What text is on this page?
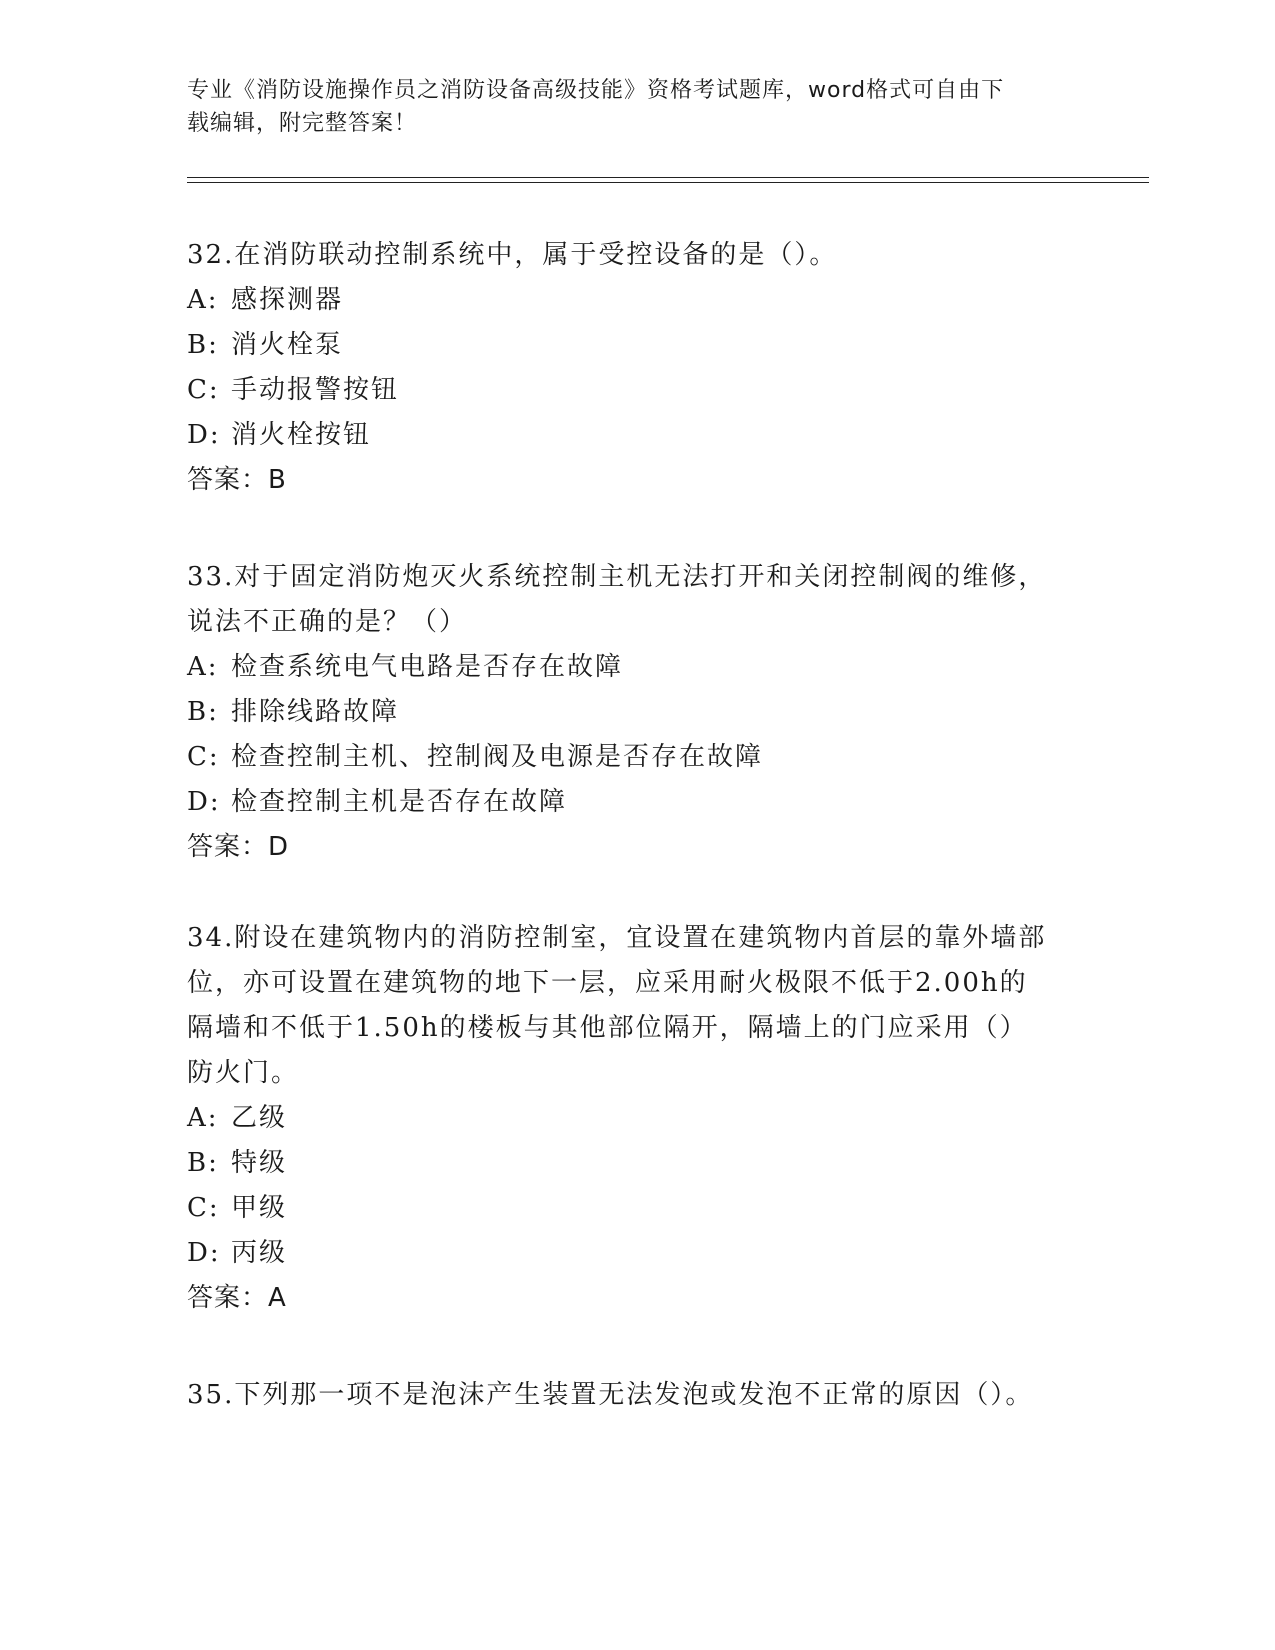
专业《消防设施操作员之消防设备高级技能》资格考试题库，word格式可自由下
载编辑，附完整答案！

32.在消防联动控制系统中，属于受控设备的是（）。

A: 感探测器

B: 消火栓泵

C: 手动报警按钮

D: 消火栓按钮

答案：B

33.对于固定消防炮灭火系统控制主机无法打开和关闭控制阀的维修，

说法不正确的是？（）

A: 检查系统电气电路是否存在故障

B: 排除线路故障

C: 检查控制主机、控制阀及电源是否存在故障

D: 检查控制主机是否存在故障

答案：D

34.附设在建筑物内的消防控制室，宜设置在建筑物内首层的靠外墙部

位，亦可设置在建筑物的地下一层，应采用耐火极限不低于2.00h的

隔墙和不低于1.50h的楼板与其他部位隔开，隔墙上的门应采用（）

防火门。

A: 乙级

B: 特级

C: 甲级

D: 丙级

答案：A

35.下列那一项不是泡沫产生装置无法发泡或发泡不正常的原因（）。
